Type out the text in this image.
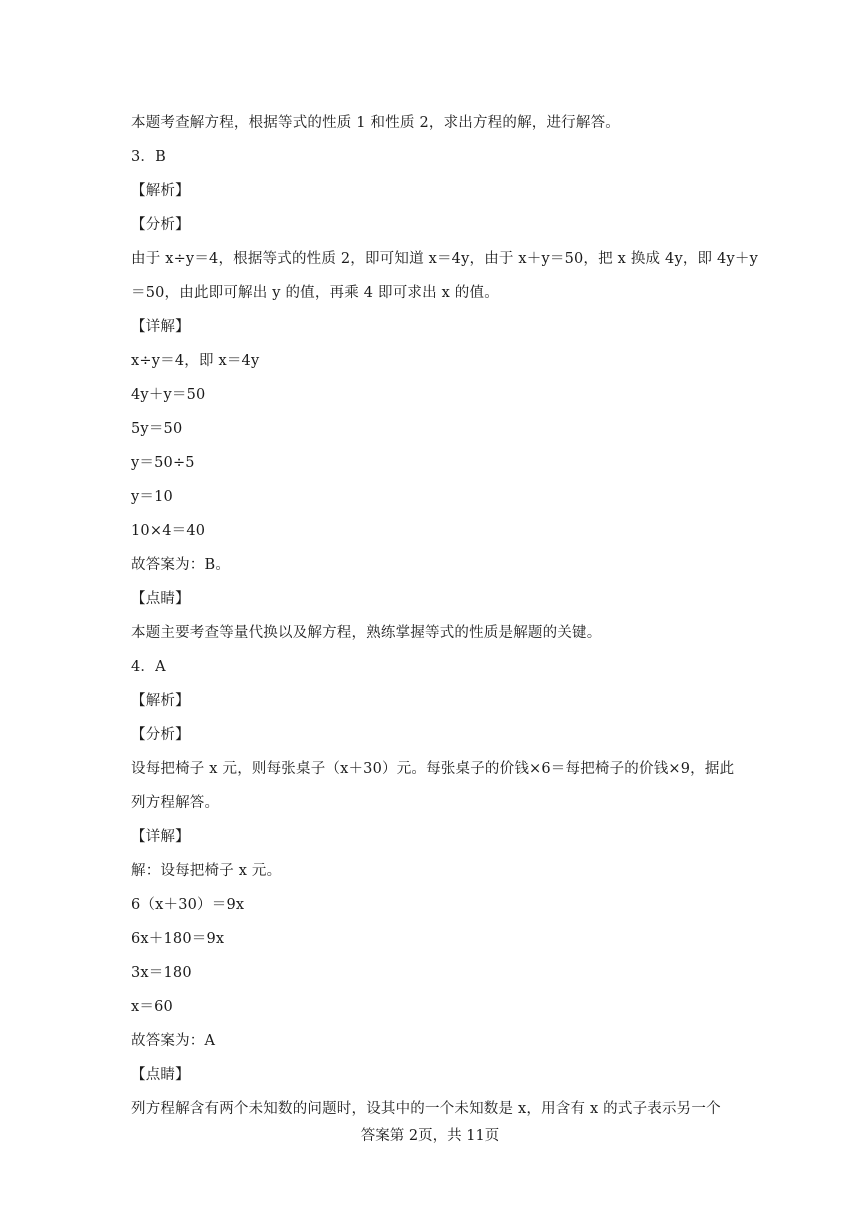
本题考查解方程，根据等式的性质 1 和性质 2，求出方程的解，进行解答。
3．B
【解析】
【分析】
由于 x÷y＝4，根据等式的性质 2，即可知道 x＝4y，由于 x＋y＝50，把 x 换成 4y，即 4y＋y
＝50，由此即可解出 y 的值，再乘 4 即可求出 x 的值。
【详解】
x÷y＝4，即 x＝4y
4y＋y＝50
5y＝50
y＝50÷5
y＝10
10×4＝40
故答案为：B。
【点睛】
本题主要考查等量代换以及解方程，熟练掌握等式的性质是解题的关键。
4．A
【解析】
【分析】
设每把椅子 x 元，则每张桌子（x＋30）元。每张桌子的价钱×6＝每把椅子的价钱×9，据此
列方程解答。
【详解】
解：设每把椅子 x 元。
6（x＋30）＝9x
6x＋180＝9x
3x＝180
x＝60
故答案为：A
【点睛】
列方程解含有两个未知数的问题时，设其中的一个未知数是 x，用含有 x 的式子表示另一个
答案第 2页，共 11页
